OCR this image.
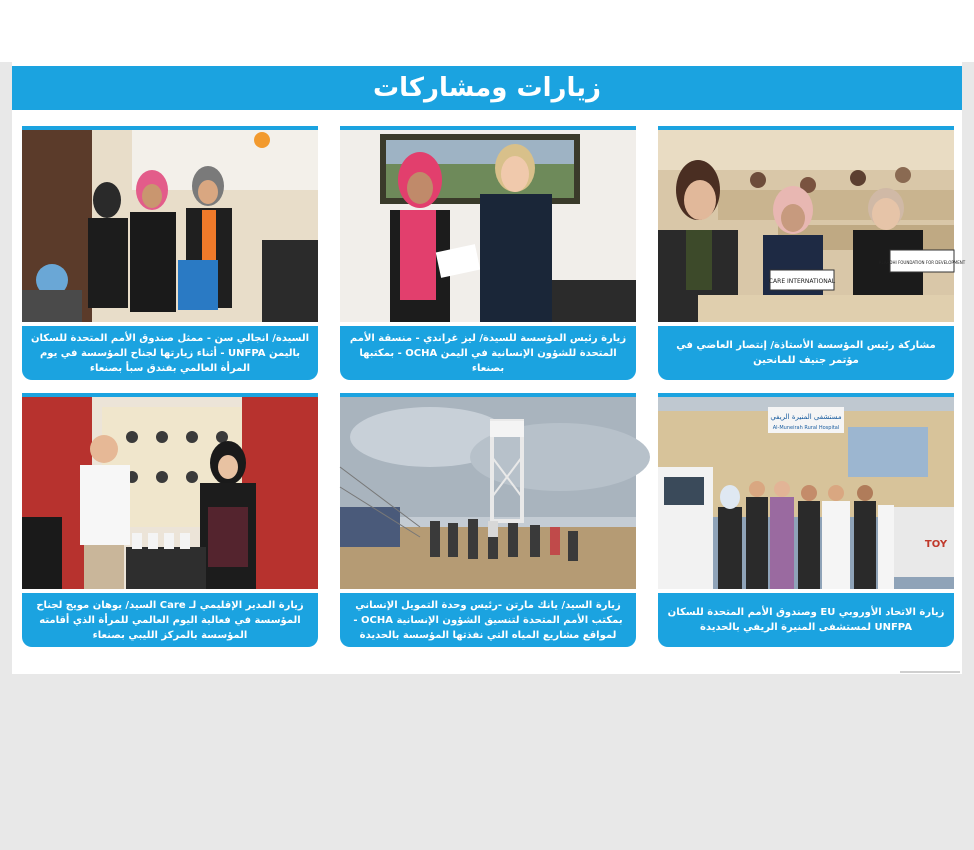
زيارات ومشاركات
CARE INTERNATIONAL
ALAADHI FOUNDATION FOR DEVELOPMENT
مشاركة رئيس المؤسسة الأستاذة/ إنتصار العاضي في مؤتمر جنيف للمانحين
زيارة رئيس المؤسسة للسيدة/ ليز غراندي - منسقة الأمم المتحدة للشؤون الإنسانية في اليمن OCHA - بمكتبها بصنعاء
السيدة/ انجالي سن - ممثل صندوق الأمم المتحدة للسكان باليمن UNFPA - أثناء زيارتها لجناح المؤسسة في يوم المرأة العالمي بفندق سبأ بصنعاء
مستشفى المنيرة الريفي
Al-Muneirah Rural Hospital
TOY
زيارة الاتحاد الأوروبي EU وصندوق الأمم المتحدة للسكان UNFPA لمستشفى المنيرة الريفي بالحديدة
زيارة السيد/ يانك مارتن -رئيس وحدة التمويل الإنساني بمكتب الأمم المتحدة لتنسيق الشؤون الإنسانية OCHA - لمواقع مشاريع المياه التي نفذتها المؤسسة بالحديدة
زيارة المدير الإقليمي لـ Care السيد/ يوهان مويج لجناح المؤسسة في فعالية اليوم العالمي للمرأة الذي أقامته المؤسسة بالمركز الليبي بصنعاء
